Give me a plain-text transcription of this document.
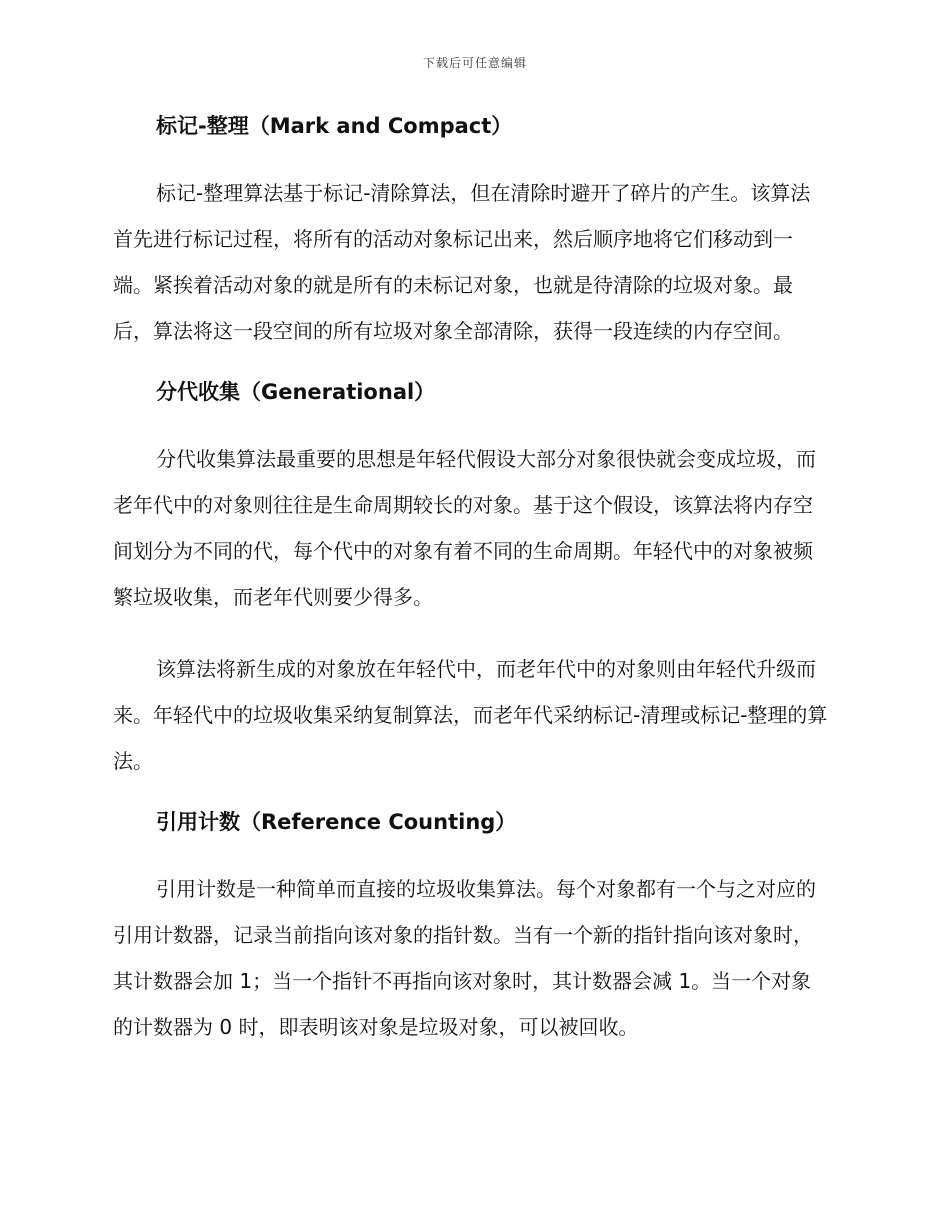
下载后可任意编辑
标记-整理（Mark and Compact）

标记-整理算法基于标记-清除算法，但在清除时避开了碎片的产生。该算法首先进行标记过程，将所有的活动对象标记出来，然后顺序地将它们移动到一端。紧挨着活动对象的就是所有的未标记对象，也就是待清除的垃圾对象。最后，算法将这一段空间的所有垃圾对象全部清除，获得一段连续的内存空间。

分代收集（Generational）

分代收集算法最重要的思想是年轻代假设大部分对象很快就会变成垃圾，而老年代中的对象则往往是生命周期较长的对象。基于这个假设，该算法将内存空间划分为不同的代，每个代中的对象有着不同的生命周期。年轻代中的对象被频繁垃圾收集，而老年代则要少得多。

该算法将新生成的对象放在年轻代中，而老年代中的对象则由年轻代升级而来。年轻代中的垃圾收集采纳复制算法，而老年代采纳标记-清理或标记-整理的算法。

引用计数（Reference Counting）

引用计数是一种简单而直接的垃圾收集算法。每个对象都有一个与之对应的引用计数器，记录当前指向该对象的指针数。当有一个新的指针指向该对象时，其计数器会加 1；当一个指针不再指向该对象时，其计数器会减 1。当一个对象的计数器为 0 时，即表明该对象是垃圾对象，可以被回收。
